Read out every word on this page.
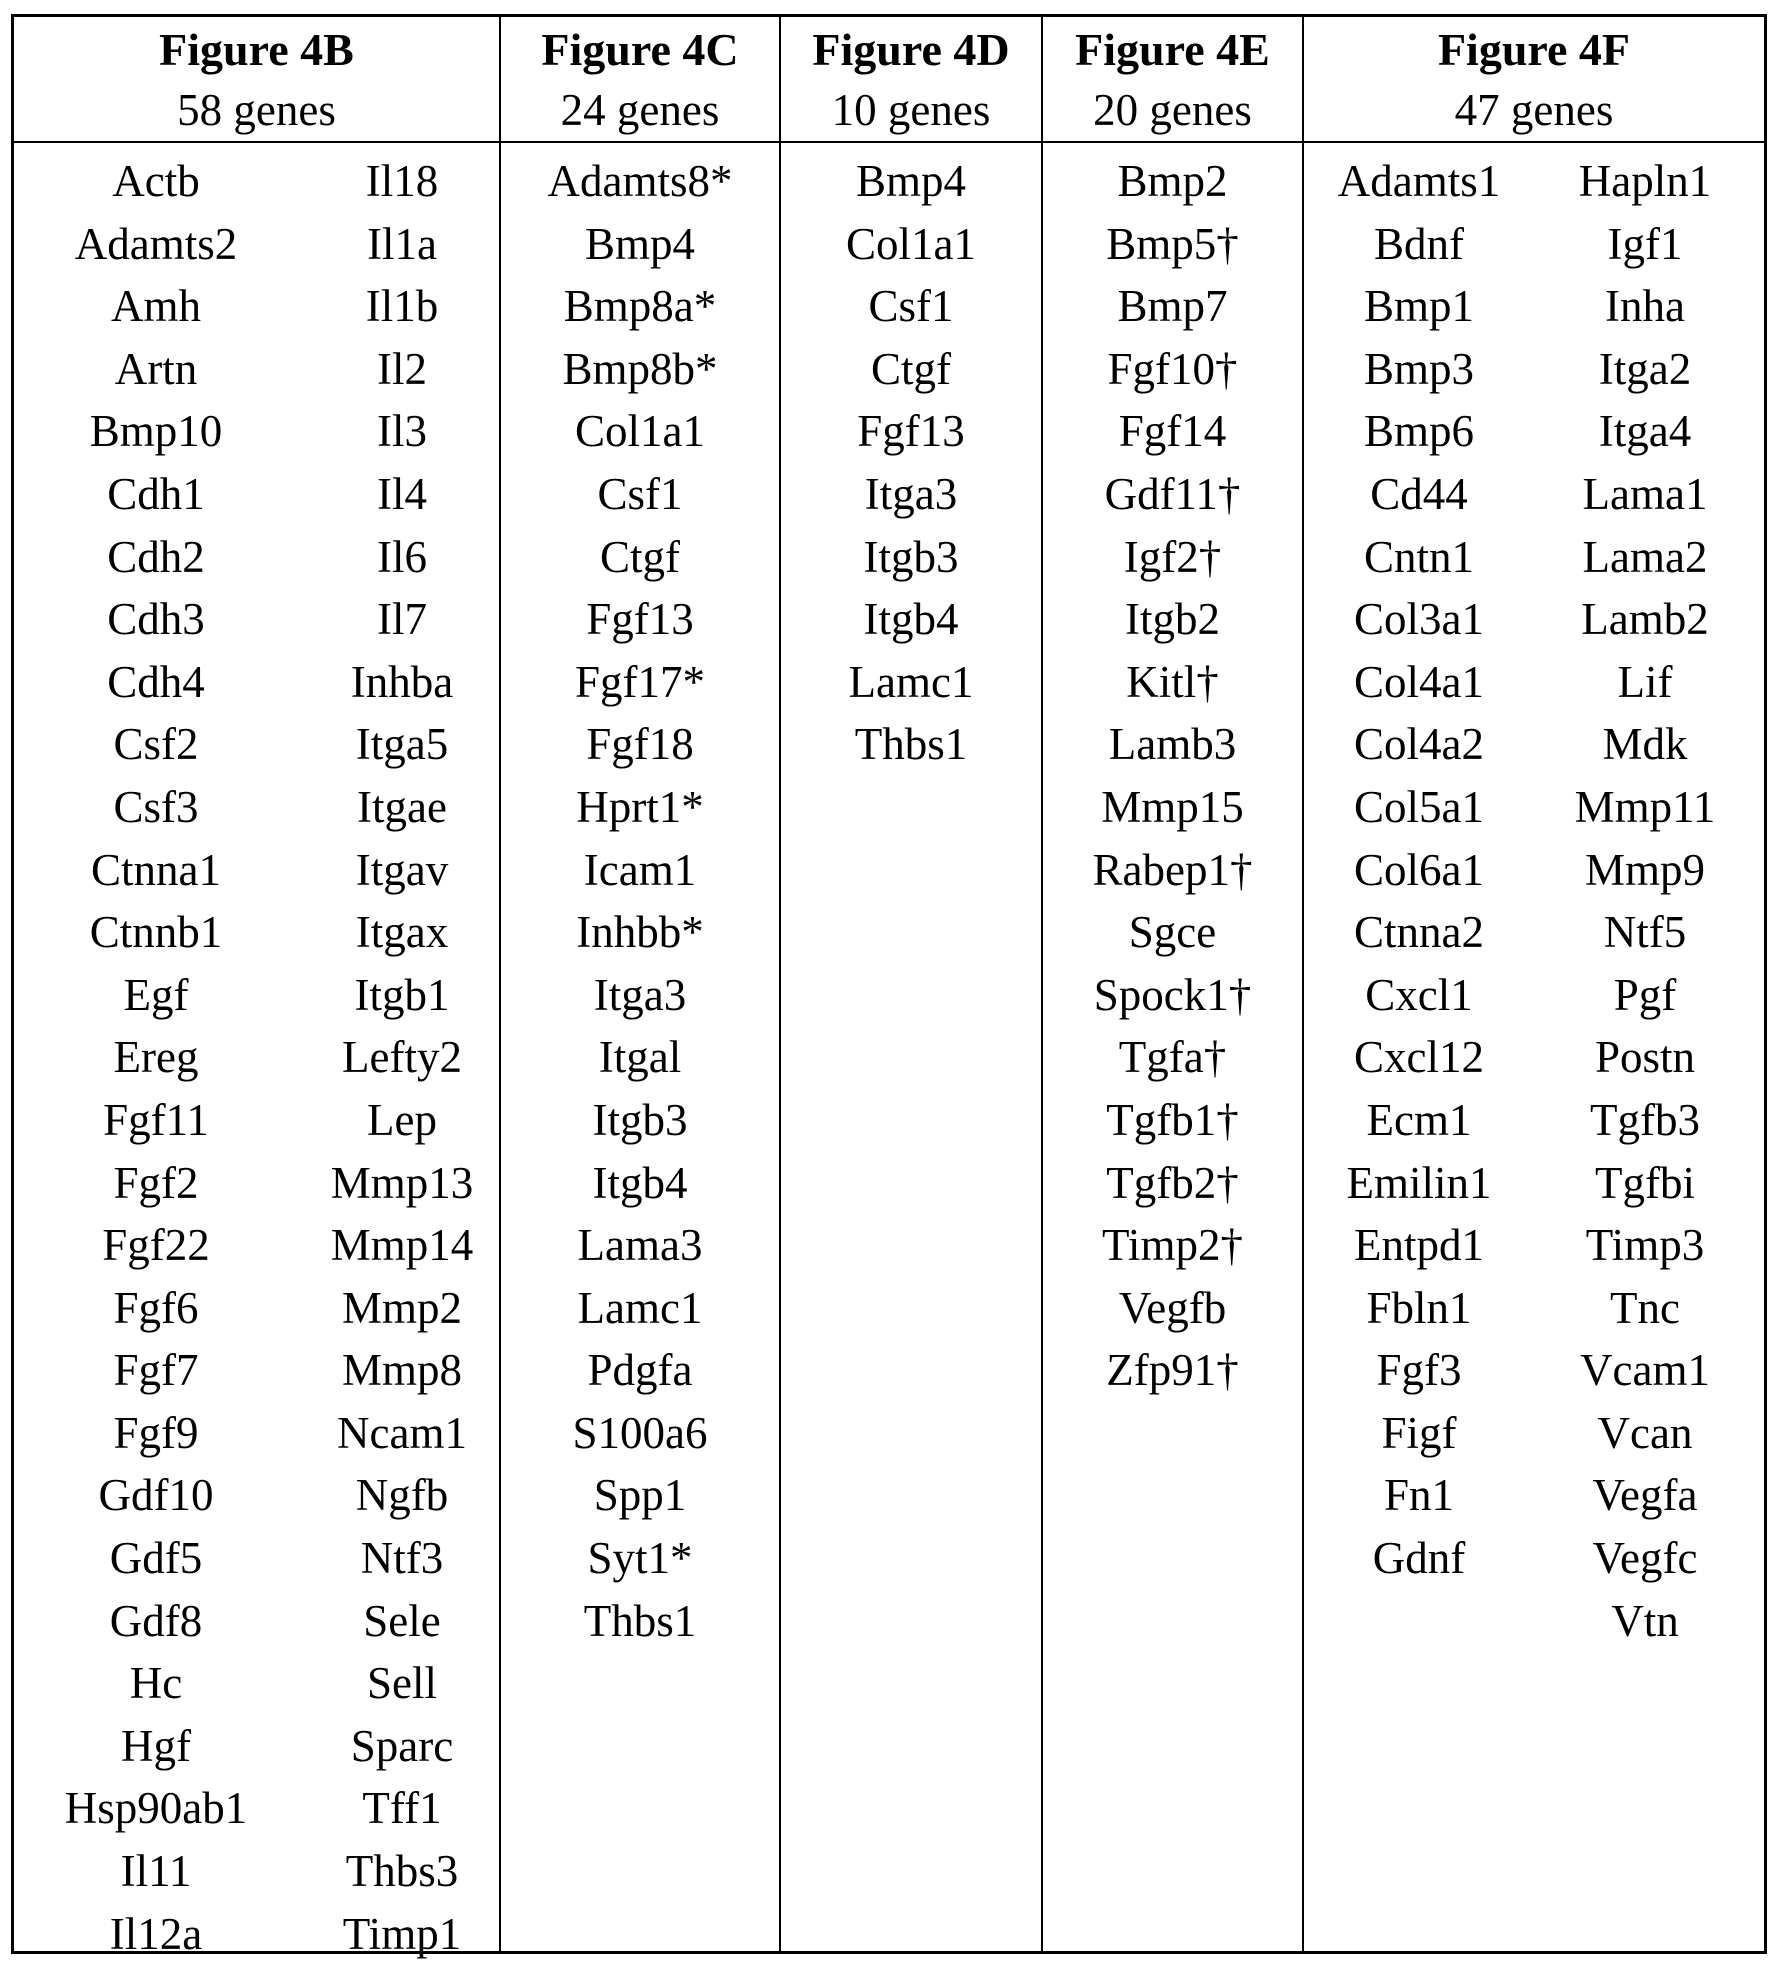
Figure 4B
58 genes
Actb
Adamts2
Amh
Artn
Bmp10
Cdh1
Cdh2
Cdh3
Cdh4
Csf2
Csf3
Ctnna1
Ctnnb1
Egf
Ereg
Fgf11
Fgf2
Fgf22
Fgf6
Fgf7
Fgf9
Gdf10
Gdf5
Gdf8
Hc
Hgf
Hsp90ab1
Il11
Il12a
Il18
Il1a
Il1b
Il2
Il3
Il4
Il6
Il7
Inhba
Itga5
Itgae
Itgav
Itgax
Itgb1
Lefty2
Lep
Mmp13
Mmp14
Mmp2
Mmp8
Ncam1
Ngfb
Ntf3
Sele
Sell
Sparc
Tff1
Thbs3
Timp1
Figure 4C
24 genes
Adamts8*
Bmp4
Bmp8a*
Bmp8b*
Col1a1
Csf1
Ctgf
Fgf13
Fgf17*
Fgf18
Hprt1*
Icam1
Inhbb*
Itga3
Itgal
Itgb3
Itgb4
Lama3
Lamc1
Pdgfa
S100a6
Spp1
Syt1*
Thbs1
Figure 4D
10 genes
Bmp4
Col1a1
Csf1
Ctgf
Fgf13
Itga3
Itgb3
Itgb4
Lamc1
Thbs1
Figure 4E
20 genes
Bmp2
Bmp5†
Bmp7
Fgf10†
Fgf14
Gdf11†
Igf2†
Itgb2
Kitl†
Lamb3
Mmp15
Rabep1†
Sgce
Spock1†
Tgfa†
Tgfb1†
Tgfb2†
Timp2†
Vegfb
Zfp91†
Figure 4F
47 genes
Adamts1
Bdnf
Bmp1
Bmp3
Bmp6
Cd44
Cntn1
Col3a1
Col4a1
Col4a2
Col5a1
Col6a1
Ctnna2
Cxcl1
Cxcl12
Ecm1
Emilin1
Entpd1
Fbln1
Fgf3
Figf
Fn1
Gdnf
Hapln1
Igf1
Inha
Itga2
Itga4
Lama1
Lama2
Lamb2
Lif
Mdk
Mmp11
Mmp9
Ntf5
Pgf
Postn
Tgfb3
Tgfbi
Timp3
Tnc
Vcam1
Vcan
Vegfa
Vegfc
Vtn
